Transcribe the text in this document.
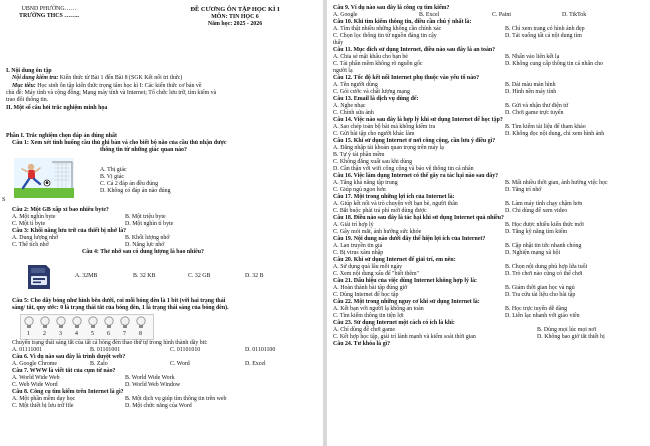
UBND PHƯỜNG……
TRƯỜNG THCS ……..
ĐỀ CƯƠNG ÔN TẬP HỌC KÌ I
MÔN: TIN HỌC 6
Năm học: 2025 - 2026
I. Nội dung ôn tập
Nội dung kiểm tra: Kiến thức từ Bài 1 đến Bài 8 (SGK Kết nối tri thức)
Mục tiêu: Học sinh ôn tập kiến thức trọng tâm học kì I: Các kiến thức cơ bản về
chủ đề: Máy tính và cộng đồng; Mạng máy tính và Internet; Tổ chức lưu trữ, tìm kiếm và
trao đổi thông tin.
II. Một số câu hỏi trắc nghiệm minh họa
Phần I. Trắc nghiệm chọn đáp án đúng nhất
Câu 1: Xem xét tình huống cầu thủ ghi bàn và cho biết bộ não của cầu thủ nhận được
thông tin từ những giác quan nào?
A. Thị giác
B. Vị giác
C. Cả 2 đáp án đều đúng
D. Không có đáp án nào đúng
S
Câu 2: Một GB xấp xỉ bao nhiêu byte?
A. Một nghìn byte	B. Một triệu byte
C. Một tỉ byte	D. Một nghìn tỉ byte
Câu 3: Khối năng lưu trữ của thiết bị nhớ là?
A. Dung lượng nhớ	B. Khối lượng nhớ
C. Thể tích nhớ	D. Năng lực nhớ
Câu 4: Thẻ nhớ sau có dung lượng là bao nhiêu?
A. 32MB	B. 32 KB	C. 32 GB	D. 32 B
Câu 5: Cho dãy bóng như hình bên dưới, coi mỗi bóng đèn là 1 bit (với hai trạng thái
sáng/ tắt, quy ước: 0 là trạng thái tắt của bóng đèn, 1 là trạng thái sáng của bóng đèn).
1 2 3 4 5 6 7 8
Chuyển trạng thái sáng tắt của tất cả bóng đèn thao thứ tự trong hình thành dãy bit:
A. 01111001	B. 01101001	C. 01101010	D. 01101100
Câu 6. Vì dụ nào sau đây là trình duyệt web?
A. Google Chrome	B. Zalo	C. Word	D. Excel
Câu 7. WWW là viết tắt của cụm từ nào?
A. World Wide Web	B. World Wide Work
C. Web Wide Word	D. World Web Window
Câu 8. Công cụ tìm kiếm trên Internet là gì?
A. Một phần mềm dạy học	B. Một dịch vụ giúp tìm thông tin trên web
C. Một thiết bị lưu trữ file	D. Một chức năng của Word
Câu 9. Ví dụ nào sau đây là công cụ tìm kiếm?
A. Google	B. Excel	C. Paint	D. TikTok
Câu 10. Khi tìm kiếm thông tin, điều cần chú ý nhất là:
A. Tìm thật nhiều những không cần chính xác	B. Chỉ xem trang có hình ảnh đẹp
C. Chọn lọc thông tin từ nguồn đáng tin cậy	D. Tải xuống tất cả nội dung tìm
thấy
Câu 11. Mục đích sử dụng Internet, điều nào sau đây là an toàn?
A. Chia sẻ mật khẩu cho bạn bè	B. Nhấn vào liên kết lạ
C. Tải phần mềm không rõ nguồn gốc	D. Không cung cấp thông tin cá nhân cho
người lạ
Câu 12. Tốc độ kết nối Internet phụ thuộc vào yếu tố nào?
A. Tên người dùng	B. Dải màu màn hình
C. Gói cước và chất lượng mạng	D. Hình nền máy tính
Câu 13. Email là dịch vụ dùng để:
A. Nghe nhạc	B. Gửi và nhận thư điện tử
C. Chỉnh sửa ảnh	D. Chơi game trực tuyến
Câu 14. Việc nào sau đây là hợp lý khi sử dụng Internet để học tập?
A. Sao chép toàn bộ bài mà không kiểm tra	B. Tìm kiếm tài liệu để tham khảo
C. Gửi bài tập cho người khác làm	D. Không đọc nội dung, chỉ xem hình ảnh
Câu 15. Khi sử dụng Internet ở nơi công cộng, cần lưu ý điều gì?
A. Đăng nhập tài khoản quan trọng trên máy lạ
B. Tự ý tải phần mềm
C. Không đăng xuất sau khi dùng
D. Cần thận với wifi công cộng và bảo vệ thông tin cá nhân
Câu 16. Việc làm dụng Internet có thể gây ra tác hại nào sau đây?
A. Tăng khả năng tập trung	B. Mất nhiều thời gian, ảnh hưởng việc học
C. Giúp ngủ ngon hơn	D. Tăng trí nhớ
Câu 17. Một trong những lợi ích của Internet là:
A. Giúp kết nối và trò chuyện với bạn bè, người thân	B. Làm máy tính chạy chậm hơn
C. Bắt buộc phải trả phí mới dùng được	D. Chỉ dùng để xem video
Câu 18. Điều nào sau đây là tác hại khi sử dụng Internet quá nhiều?
A. Giải trí hợp lý	B. Học được nhiều kiến thức mới
C. Gây mỏi mắt, ảnh hưởng sức khỏe	D. Tăng kỹ năng tìm kiếm
Câu 19. Nội dung nào dưới đây thể hiện lợi ích của Internet?
A. Lan truyền tin giả	B. Cập nhật tin tức nhanh chóng
C. Bị virus xâm nhập	D. Nghiện mạng xã hội
Câu 20. Khi sử dụng Internet để giải trí, em nên:
A. Sử dụng quá lâu mỗi ngày	B. Chọn nội dung phù hợp lứa tuổi
C. Xem nội dung xấu để "biết thêm"	D. Trò chơi nào cũng có thể chơi
Câu 21. Dấu hiệu của việc dùng Internet không hợp lý là:
A. Hoàn thành bài tập đúng giờ	B. Giảm thời gian học và ngủ
C. Dùng Internet để học tập	D. Tra cứu tài liệu cho bài tập
Câu 22. Một trong những nguy cơ khi sử dụng Internet là:
A. Kết bạn với người lạ không an toàn	B. Học trực tuyến dễ dàng
C. Tìm kiếm thông tin tiện lợi	D. Liên lạc nhanh với giáo viên
Câu 23. Sử dụng Internet một cách có ích là khi:
A. Chỉ dùng để chơi game	B. Dùng mọi lúc mọi nơi
C. Kết hợp học tập, giải trí lành mạnh và kiểm soát thời gian	D. Không bao giờ tắt thiết bị
Câu 24. Tư khóa là gì?
